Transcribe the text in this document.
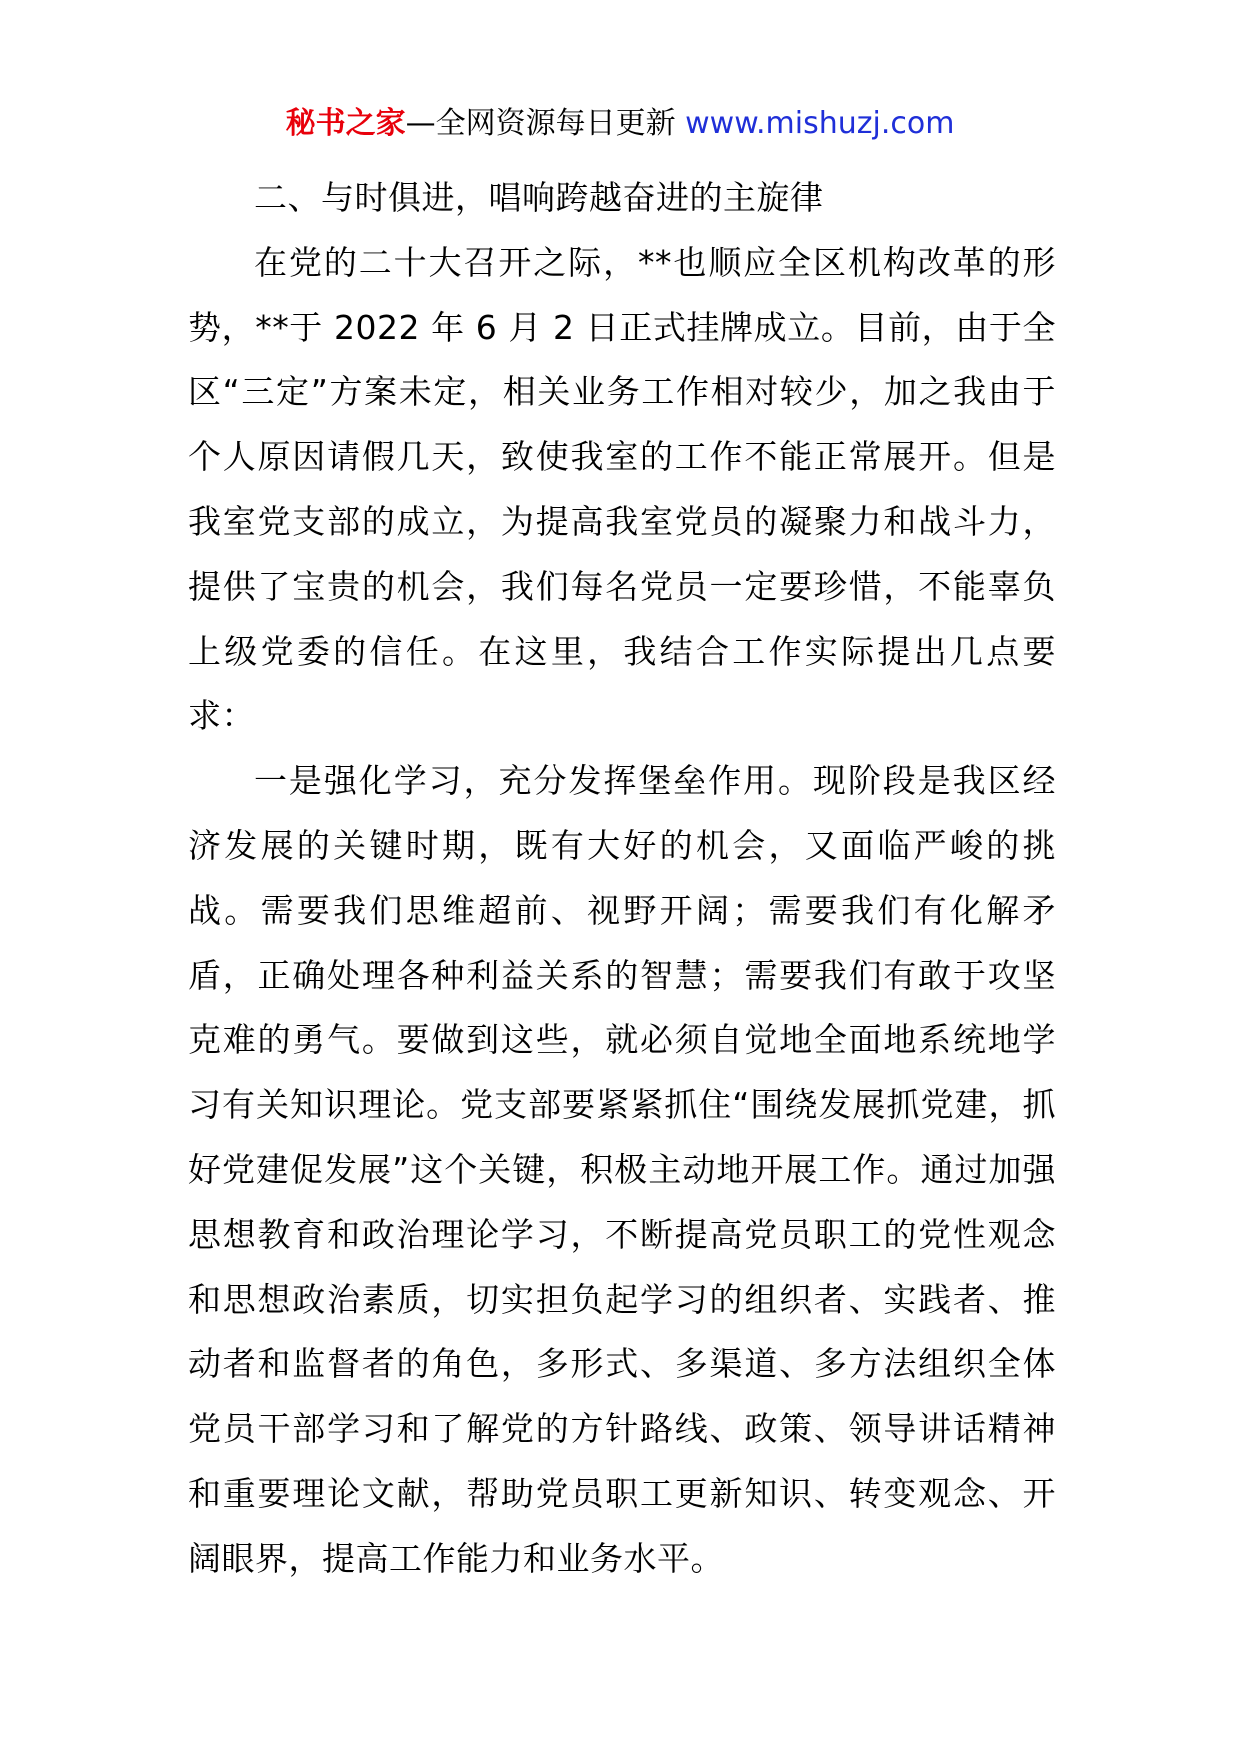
秘书之家—全网资源每日更新 www.mishuzj.com

二、与时俱进，唱响跨越奋进的主旋律

在党的二十大召开之际，**也顺应全区机构改革的形势，**于 2022 年 6 月 2 日正式挂牌成立。目前，由于全区“三定”方案未定，相关业务工作相对较少，加之我由于个人原因请假几天，致使我室的工作不能正常展开。但是我室党支部的成立，为提高我室党员的凝聚力和战斗力，提供了宝贵的机会，我们每名党员一定要珍惜，不能辜负上级党委的信任。在这里，我结合工作实际提出几点要求：

一是强化学习，充分发挥堡垒作用。现阶段是我区经济发展的关键时期，既有大好的机会，又面临严峻的挑战。需要我们思维超前、视野开阔；需要我们有化解矛盾，正确处理各种利益关系的智慧；需要我们有敢于攻坚克难的勇气。要做到这些，就必须自觉地全面地系统地学习有关知识理论。党支部要紧紧抓住“围绕发展抓党建，抓好党建促发展”这个关键，积极主动地开展工作。通过加强思想教育和政治理论学习，不断提高党员职工的党性观念和思想政治素质，切实担负起学习的组织者、实践者、推动者和监督者的角色，多形式、多渠道、多方法组织全体党员干部学习和了解党的方针路线、政策、领导讲话精神和重要理论文献，帮助党员职工更新知识、转变观念、开阔眼界，提高工作能力和业务水平。
